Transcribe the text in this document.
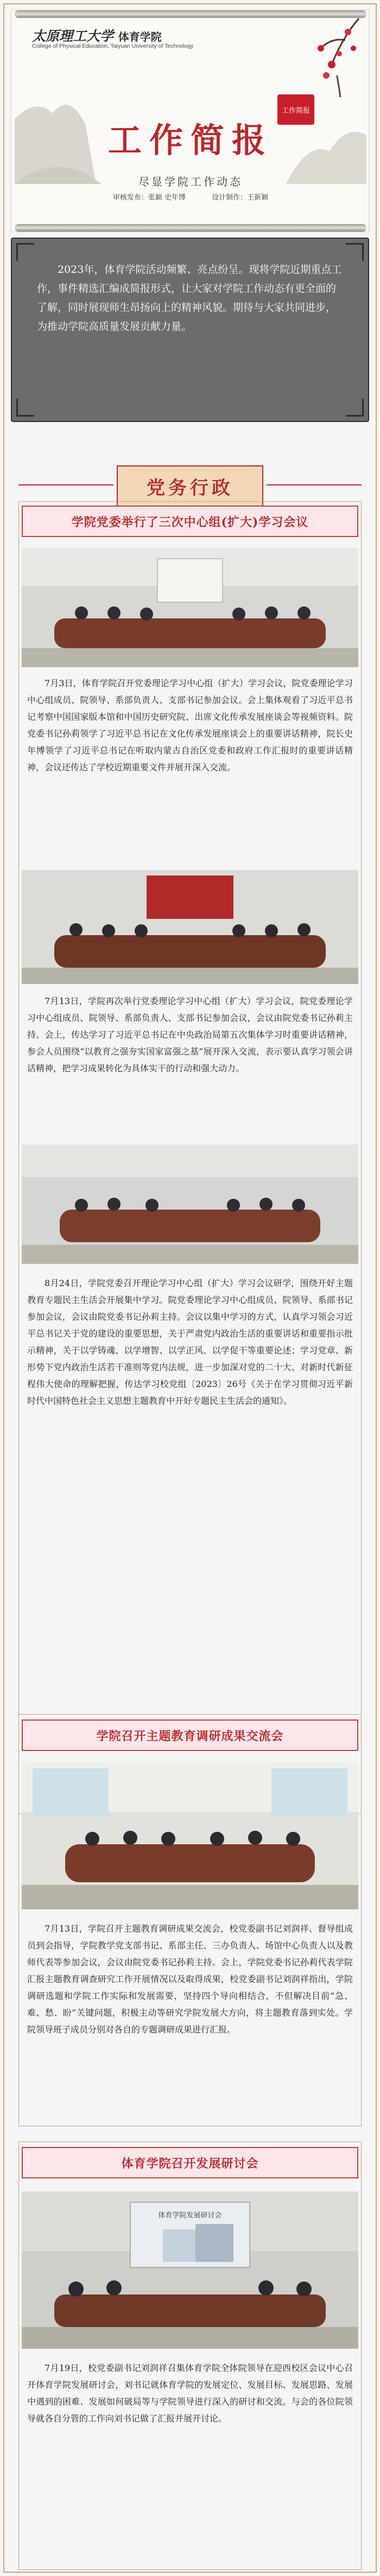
太原理工大学 体育学院
College of Physical Education, Taiyuan University of Technology
工作简报
工作简报
尽显学院工作动态
审核发布：张颖 史年博	设计制作：王新颖

2023年，体育学院活动频繁、亮点纷呈。现将学院近期重点工作，事件精选汇编成简报形式，让大家对学院工作动态有更全面的了解，同时展现师生昂扬向上的精神风貌。期待与大家共同进步，为推动学院高质量发展贡献力量。

党务行政
学院党委举行了三次中心组(扩大)学习会议

7月3日，体育学院召开党委理论学习中心组（扩大）学习会议，院党委理论学习中心组成员、院领导、系部负责人、支部书记参加会议。会上集体观看了习近平总书记考察中国国家版本馆和中国历史研究院、出席文化传承发展座谈会等视频资料。院党委书记孙莉领学了习近平总书记在文化传承发展座谈会上的重要讲话精神，院长史年博领学了习近平总书记在听取内蒙古自治区党委和政府工作汇报时的重要讲话精神，会议还传达了学校近期重要文件并展开深入交流。

7月13日，学院再次举行党委理论学习中心组（扩大）学习会议，院党委理论学习中心组成员、院领导、系部负责人、支部书记参加会议，会议由院党委书记孙莉主持。会上，传达学习了习近平总书记在中央政治局第五次集体学习时重要讲话精神，参会人员围绕“以教育之强夯实国家富强之基”展开深入交流，表示要认真学习领会讲话精神，把学习成果转化为具体实干的行动和强大动力。

8月24日，学院党委召开理论学习中心组（扩大）学习会议研学，围绕开好主题教育专题民主生活会开展集中学习。院党委理论学习中心组成员、院领导、系部书记参加会议，会议由院党委书记孙莉主持。会议以集中学习的方式，认真学习领会习近平总书记关于党的建设的重要思想，关于严肃党内政治生活的重要讲话和重要指示批示精神，关于以学铸魂、以学增智、以学正风、以学促干等重要论述；学习党章、新形势下党内政治生活若干准则等党内法规，进一步加深对党的二十大、对新时代新征程伟大使命的理解把握，传达学习校党组〔2023〕26号《关于在学习贯彻习近平新时代中国特色社会主义思想主题教育中开好专题民主生活会的通知》。

学院召开主题教育调研成果交流会

7月13日，学院召开主题教育调研成果交流会，校党委副书记刘润祥、督导组成员到会指导，学院教学党支部书记、系部主任、三办负责人、场馆中心负责人以及教师代表等参加会议，会议由院党委书记孙莉主持。会上，学院党委书记孙莉代表学院汇报主题教育调查研究工作开展情况以及取得成果，校党委副书记刘润祥指出，学院调研选题和学院工作实际和发展需要，坚持四个导向相结合，不但解决目前“急、难、愁、盼”关键问题，积极主动等研究学院发展大方向，将主题教育落到实处。学院领导班子成员分别对各自的专题调研成果进行汇报。

体育学院召开发展研讨会
体育学院发展研讨会

7月19日，校党委副书记刘润祥召集体育学院全体院领导在迎西校区会议中心召开体育学院发展研讨会，刘书记就体育学院的发展定位、发展目标、发展思路、发展中遇到的困难、发展如何破局等与学院领导进行深入的研讨和交流。与会的各位院领导就各自分管的工作向刘书记做了汇报并展开讨论。
